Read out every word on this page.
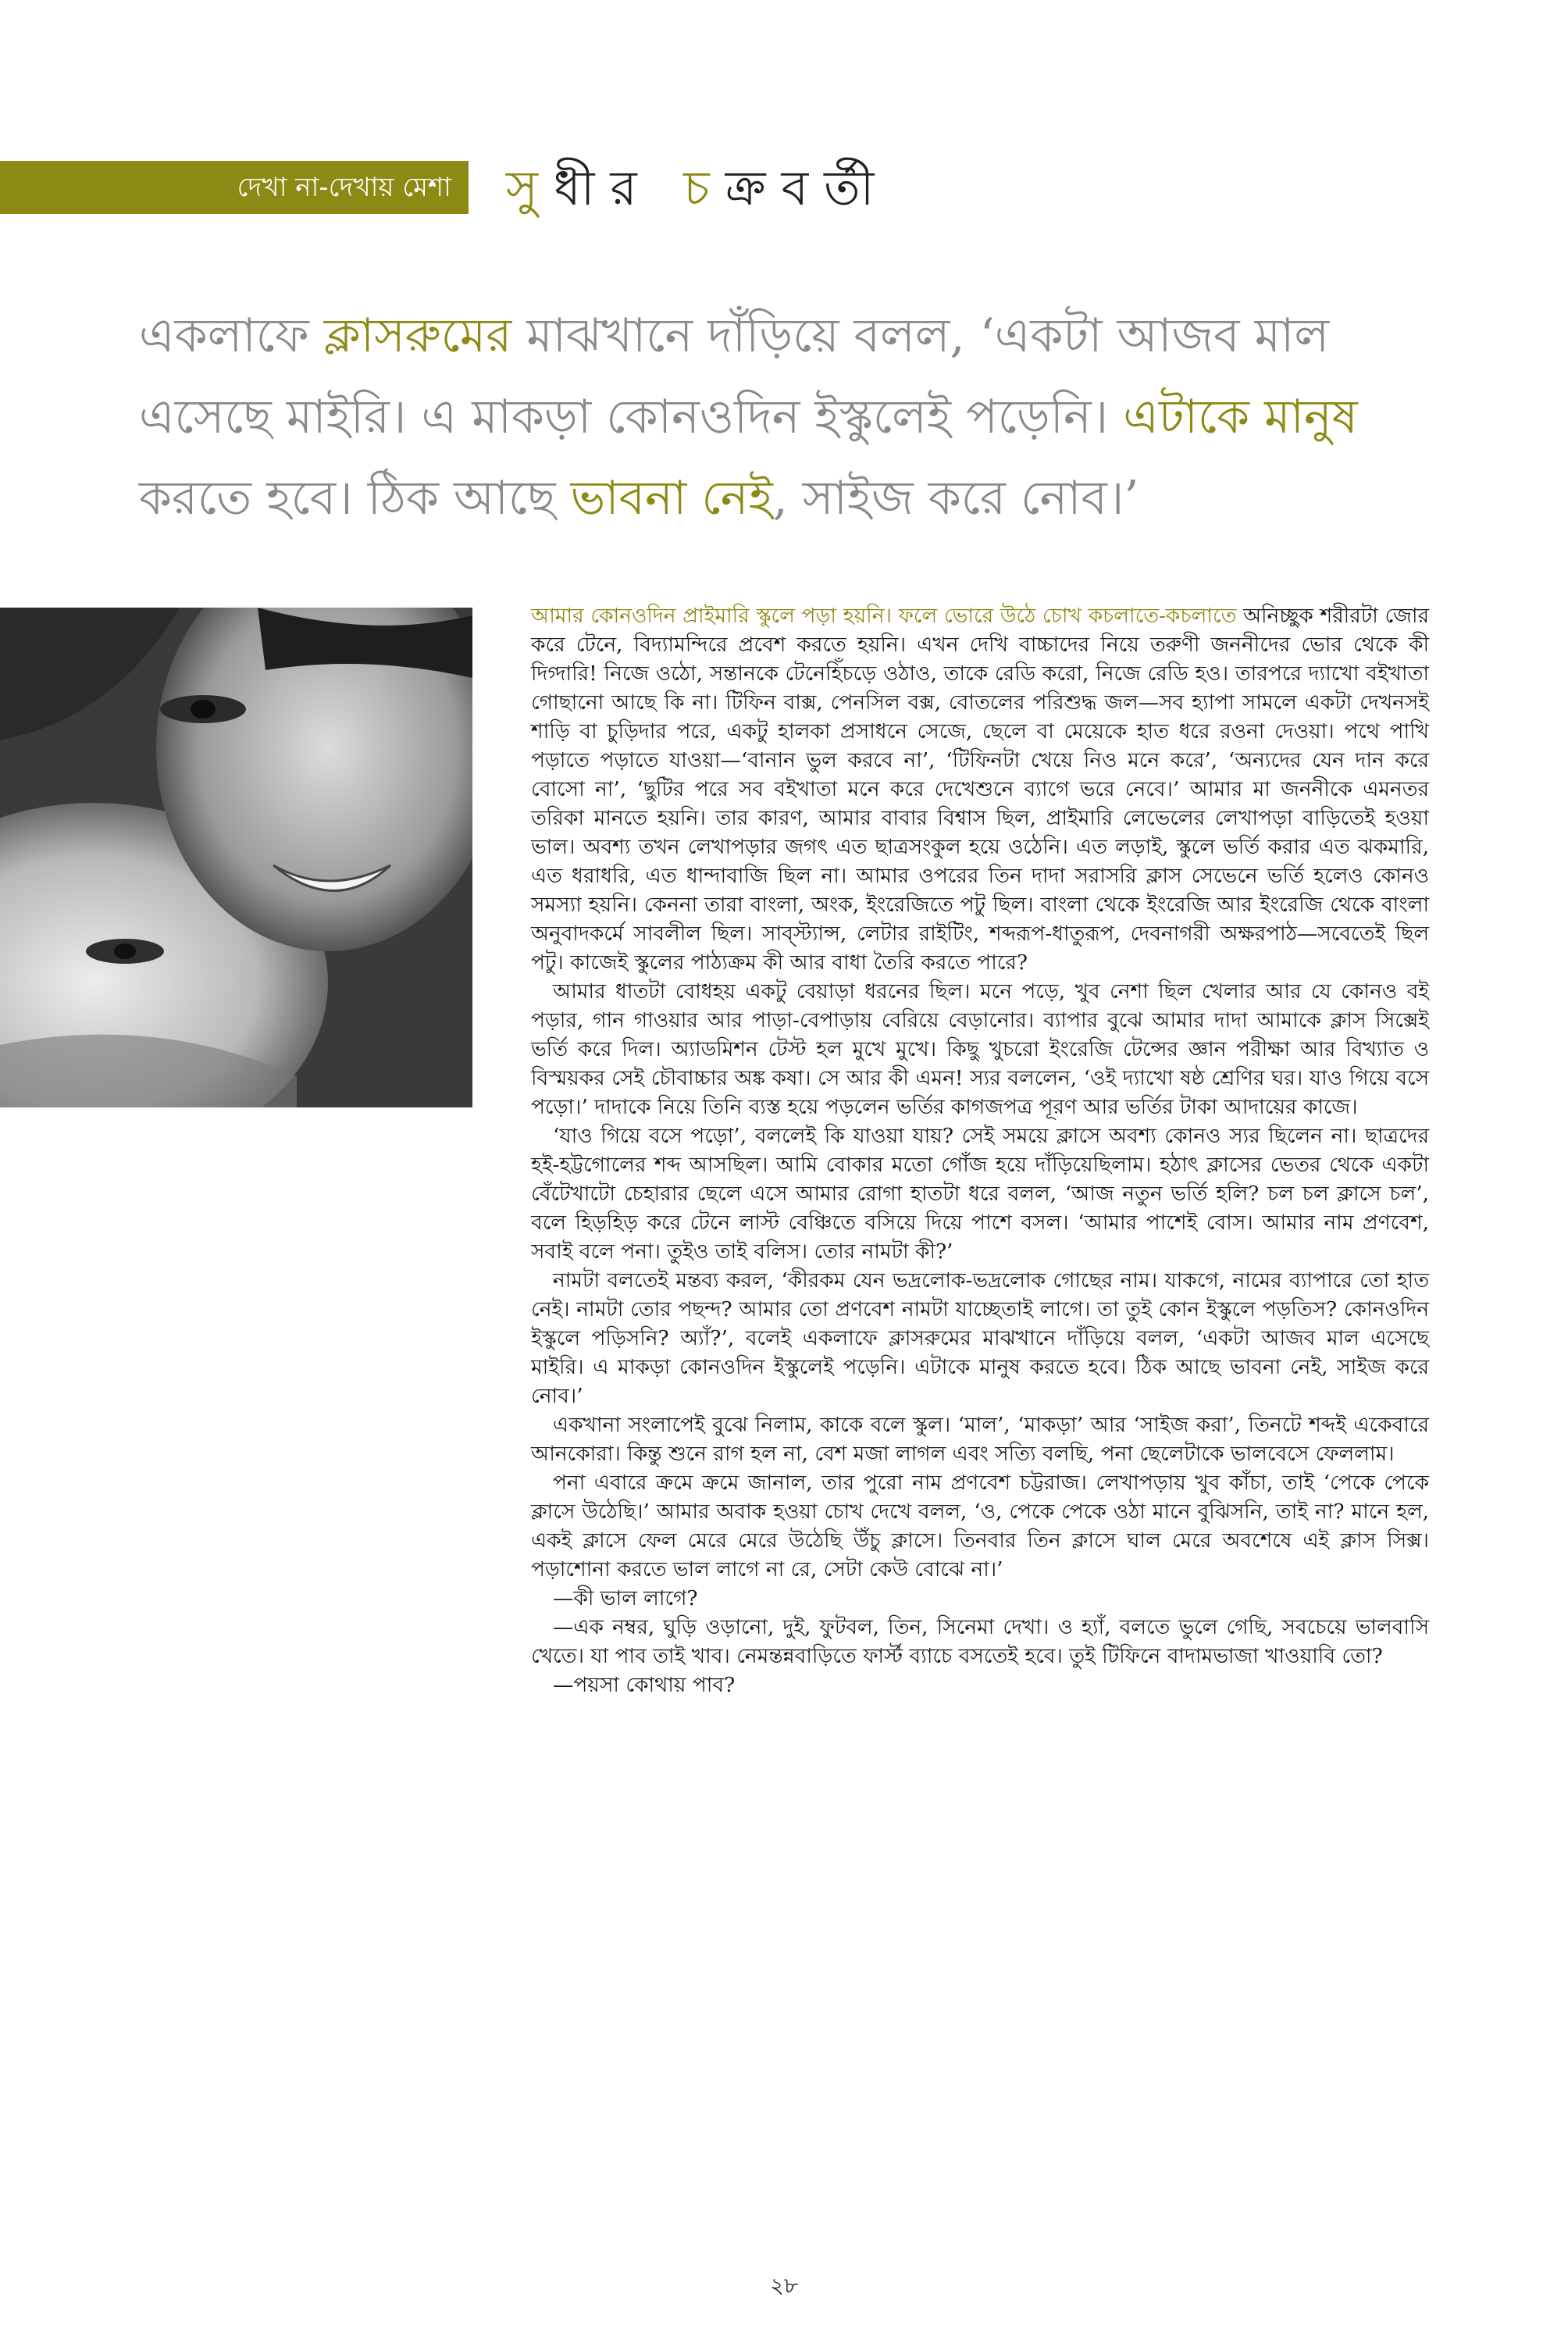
দেখা না-দেখায় মেশা	সুধীর চক্রবর্তী
একলাফে ক্লাসরুমের মাঝখানে দাঁড়িয়ে বলল, ‘একটা আজব মাল এসেছে মাইরি। এ মাকড়া কোনওদিন ইস্কুলেই পড়েনি। এটাকে মানুষ করতে হবে। ঠিক আছে ভাবনা নেই, সাইজ করে নোব।’

আমার কোনওদিন প্রাইমারি স্কুলে পড়া হয়নি। ফলে ভোরে উঠে চোখ কচলাতে-কচলাতে অনিচ্ছুক শরীরটা জোর করে টেনে, বিদ্যামন্দিরে প্রবেশ করতে হয়নি। এখন দেখি বাচ্চাদের নিয়ে তরুণী জননীদের ভোর থেকে কী দিগ্দারি! নিজে ওঠো, সন্তানকে টেনেহিঁচড়ে ওঠাও, তাকে রেডি করো, নিজে রেডি হও। তারপরে দ্যাখো বইখাতা গোছানো আছে কি না। টিফিন বাক্স, পেনসিল বক্স, বোতলের পরিশুদ্ধ জল—সব হ্যাপা সামলে একটা দেখনসই শাড়ি বা চুড়িদার পরে, একটু হালকা প্রসাধনে সেজে, ছেলে বা মেয়েকে হাত ধরে রওনা দেওয়া। পথে পাখি পড়াতে পড়াতে যাওয়া—‘বানান ভুল করবে না’, ‘টিফিনটা খেয়ে নিও মনে করে’, ‘অন্যদের যেন দান করে বোসো না’, ‘ছুটির পরে সব বইখাতা মনে করে দেখেশুনে ব্যাগে ভরে নেবে।’ আমার মা জননীকে এমনতর তরিকা মানতে হয়নি। তার কারণ, আমার বাবার বিশ্বাস ছিল, প্রাইমারি লেভেলের লেখাপড়া বাড়িতেই হওয়া ভাল। অবশ্য তখন লেখাপড়ার জগৎ এত ছাত্রসংকুল হয়ে ওঠেনি। এত লড়াই, স্কুলে ভর্তি করার এত ঝকমারি, এত ধরাধরি, এত ধান্দাবাজি ছিল না। আমার ওপরের তিন দাদা সরাসরি ক্লাস সেভেনে ভর্তি হলেও কোনও সমস্যা হয়নি। কেননা তারা বাংলা, অংক, ইংরেজিতে পটু ছিল। বাংলা থেকে ইংরেজি আর ইংরেজি থেকে বাংলা অনুবাদকর্মে সাবলীল ছিল। সাব্স্ট্যান্স, লেটার রাইটিং, শব্দরূপ-ধাতুরূপ, দেবনাগরী অক্ষরপাঠ—সবেতেই ছিল পটু। কাজেই স্কুলের পাঠ্যক্রম কী আর বাধা তৈরি করতে পারে?

আমার ধাতটা বোধহয় একটু বেয়াড়া ধরনের ছিল। মনে পড়ে, খুব নেশা ছিল খেলার আর যে কোনও বই পড়ার, গান গাওয়ার আর পাড়া-বেপাড়ায় বেরিয়ে বেড়ানোর। ব্যাপার বুঝে আমার দাদা আমাকে ক্লাস সিক্সেই ভর্তি করে দিল। অ্যাডমিশন টেস্ট হল মুখে মুখে। কিছু খুচরো ইংরেজি টেন্সের জ্ঞান পরীক্ষা আর বিখ্যাত ও বিস্ময়কর সেই চৌবাচ্চার অঙ্ক কষা। সে আর কী এমন! স্যর বললেন, ‘ওই দ্যাখো ষষ্ঠ শ্রেণির ঘর। যাও গিয়ে বসে পড়ো।’ দাদাকে নিয়ে তিনি ব্যস্ত হয়ে পড়লেন ভর্তির কাগজপত্র পূরণ আর ভর্তির টাকা আদায়ের কাজে।

‘যাও গিয়ে বসে পড়ো’, বললেই কি যাওয়া যায়? সেই সময়ে ক্লাসে অবশ্য কোনও স্যর ছিলেন না। ছাত্রদের হই-হট্টগোলের শব্দ আসছিল। আমি বোকার মতো গোঁজ হয়ে দাঁড়িয়েছিলাম। হঠাৎ ক্লাসের ভেতর থেকে একটা বেঁটেখাটো চেহারার ছেলে এসে আমার রোগা হাতটা ধরে বলল, ‘আজ নতুন ভর্তি হলি? চল চল ক্লাসে চল’, বলে হিড়হিড় করে টেনে লাস্ট বেঞ্চিতে বসিয়ে দিয়ে পাশে বসল। ‘আমার পাশেই বোস। আমার নাম প্রণবেশ, সবাই বলে পনা। তুইও তাই বলিস। তোর নামটা কী?’

নামটা বলতেই মন্তব্য করল, ‘কীরকম যেন ভদ্রলোক-ভদ্রলোক গোছের নাম। যাকগে, নামের ব্যাপারে তো হাত নেই। নামটা তোর পছন্দ? আমার তো প্রণবেশ নামটা যাচ্ছেতাই লাগে। তা তুই কোন ইস্কুলে পড়তিস? কোনওদিন ইস্কুলে পড়িসনি? অ্যাঁ?’, বলেই একলাফে ক্লাসরুমের মাঝখানে দাঁড়িয়ে বলল, ‘একটা আজব মাল এসেছে মাইরি। এ মাকড়া কোনওদিন ইস্কুলেই পড়েনি। এটাকে মানুষ করতে হবে। ঠিক আছে ভাবনা নেই, সাইজ করে নোব।’

একখানা সংলাপেই বুঝে নিলাম, কাকে বলে স্কুল। ‘মাল’, ‘মাকড়া’ আর ‘সাইজ করা’, তিনটে শব্দই একেবারে আনকোরা। কিন্তু শুনে রাগ হল না, বেশ মজা লাগল এবং সত্যি বলছি, পনা ছেলেটাকে ভালবেসে ফেললাম।

পনা এবারে ক্রমে ক্রমে জানাল, তার পুরো নাম প্রণবেশ চট্টরাজ। লেখাপড়ায় খুব কাঁচা, তাই ‘পেকে পেকে ক্লাসে উঠেছি।’ আমার অবাক হওয়া চোখ দেখে বলল, ‘ও, পেকে পেকে ওঠা মানে বুঝিসনি, তাই না? মানে হল, একই ক্লাসে ফেল মেরে মেরে উঠেছি উঁচু ক্লাসে। তিনবার তিন ক্লাসে ঘাল মেরে অবশেষে এই ক্লাস সিক্স। পড়াশোনা করতে ভাল লাগে না রে, সেটা কেউ বোঝে না।’

—কী ভাল লাগে?

—এক নম্বর, ঘুড়ি ওড়ানো, দুই, ফুটবল, তিন, সিনেমা দেখা। ও হ্যাঁ, বলতে ভুলে গেছি, সবচেয়ে ভালবাসি খেতে। যা পাব তাই খাব। নেমন্তন্নবাড়িতে ফার্স্ট ব্যাচে বসতেই হবে। তুই টিফিনে বাদামভাজা খাওয়াবি তো?

—পয়সা কোথায় পাব?

২৮
